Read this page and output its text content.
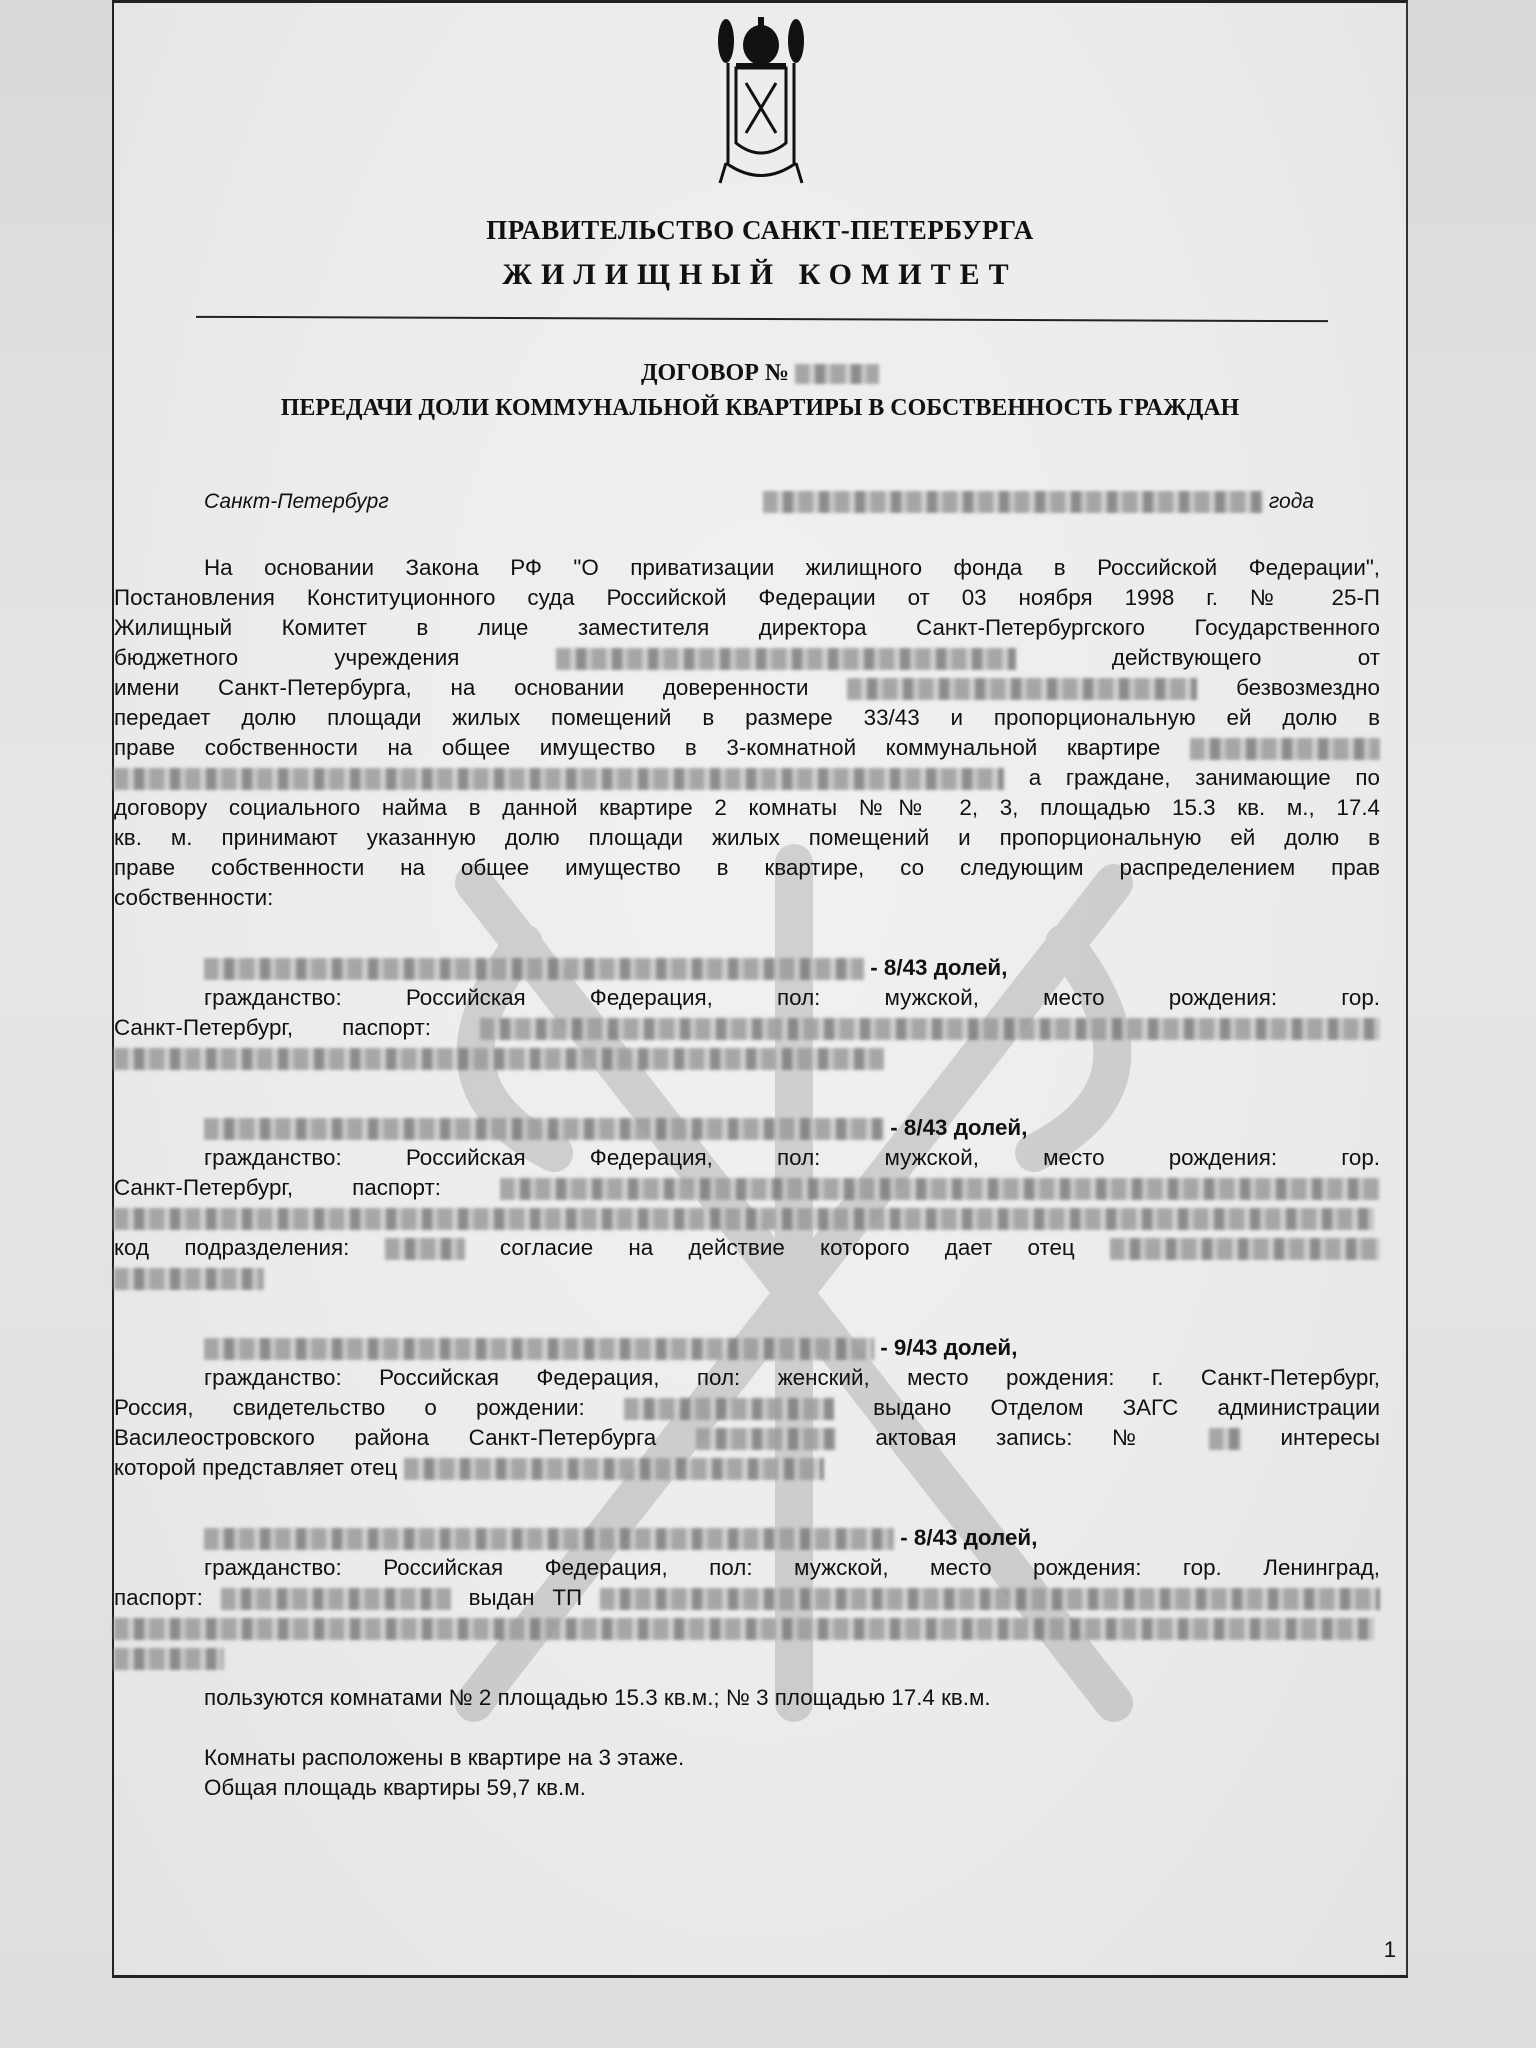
ПРАВИТЕЛЬСТВО САНКТ-ПЕТЕРБУРГА
ЖИЛИЩНЫЙ КОМИТЕТ
ДОГОВОР №
ПЕРЕДАЧИ ДОЛИ КОММУНАЛЬНОЙ КВАРТИРЫ В СОБСТВЕННОСТЬ ГРАЖДАН
Санкт-Петербург	года
На основании Закона РФ "О приватизации жилищного фонда в Российской Федерации",
Постановления Конституционного суда Российской Федерации от 03 ноября 1998 г. № 25-П
Жилищный Комитет в лице заместителя директора Санкт-Петербургского Государственного
бюджетного учреждения	действующего от
имени Санкт-Петербурга, на основании доверенности	безвозмездно
передает долю площади жилых помещений в размере 33/43 и пропорциональную ей долю в
праве собственности на общее имущество в 3-комнатной коммунальной квартире
а граждане, занимающие по
договору социального найма в данной квартире 2 комнаты №№ 2, 3, площадью 15.3 кв. м., 17.4
кв. м. принимают указанную долю площади жилых помещений и пропорциональную ей долю в
праве собственности на общее имущество в квартире, со следующим распределением прав
собственности:
- 8/43 долей,
гражданство: Российская Федерация, пол: мужской, место рождения: гор.
Санкт-Петербург, паспорт:
- 8/43 долей,
гражданство: Российская Федерация, пол: мужской, место рождения: гор.
Санкт-Петербург, паспорт:
код подразделения:	согласие на действие которого дает отец
- 9/43 долей,
гражданство: Российская Федерация, пол: женский, место рождения: г. Санкт-Петербург,
Россия, свидетельство о рождении:	выдано Отделом ЗАГС администрации
Василеостровского района Санкт-Петербурга	актовая запись: №	интересы
которой представляет отец
- 8/43 долей,
гражданство: Российская Федерация, пол: мужской, место рождения: гор. Ленинград,
паспорт:	выдан ТП
пользуются комнатами № 2 площадью 15.3 кв.м.; № 3 площадью 17.4 кв.м.
Комнаты расположены в квартире на 3 этаже.
Общая площадь квартиры 59,7 кв.м.
1
